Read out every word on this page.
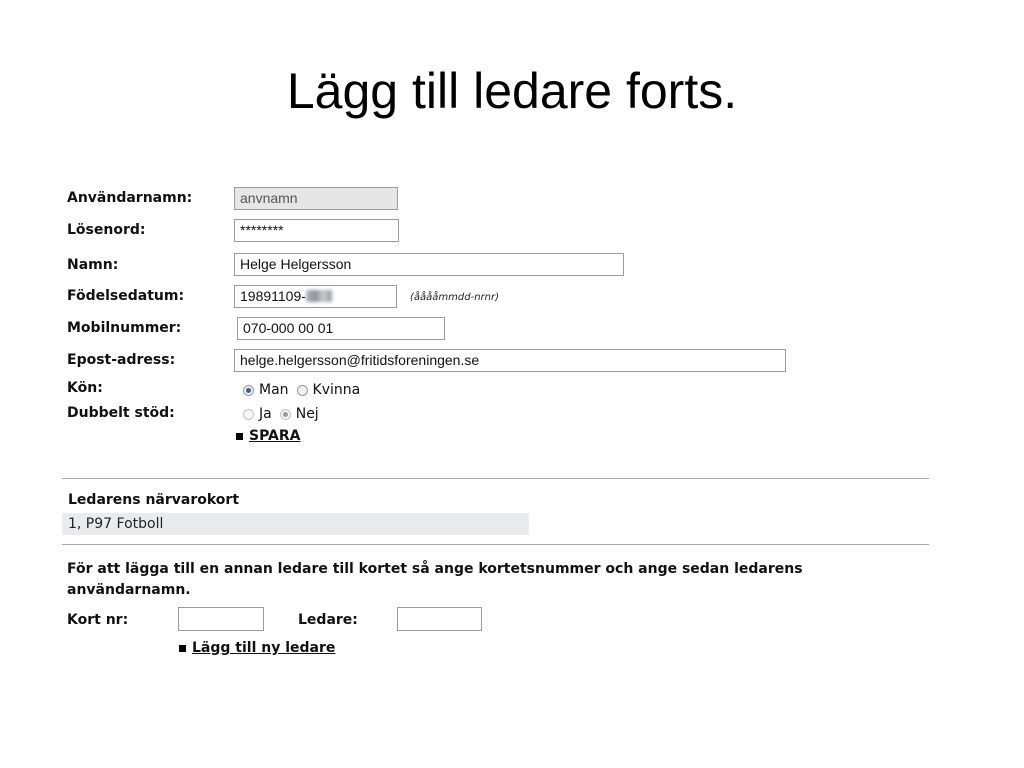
Lägg till ledare forts.
Användarnamn:
Lösenord:
Namn:
Födelsedatum:
Mobilnummer:
Epost-adress:
Kön:
Dubbelt stöd:
anvnamn
********
Helge Helgersson
19891109-	(ååååmmdd-nrnr)
070-000 00 01
helge.helgersson@fritidsforeningen.se
Man Kvinna
Ja Nej
SPARA
Ledarens närvarokort
1, P97 Fotboll
För att lägga till en annan ledare till kortet så ange kortetsnummer och ange sedan ledarens användarnamn.
Kort nr:	Ledare:
Lägg till ny ledare
